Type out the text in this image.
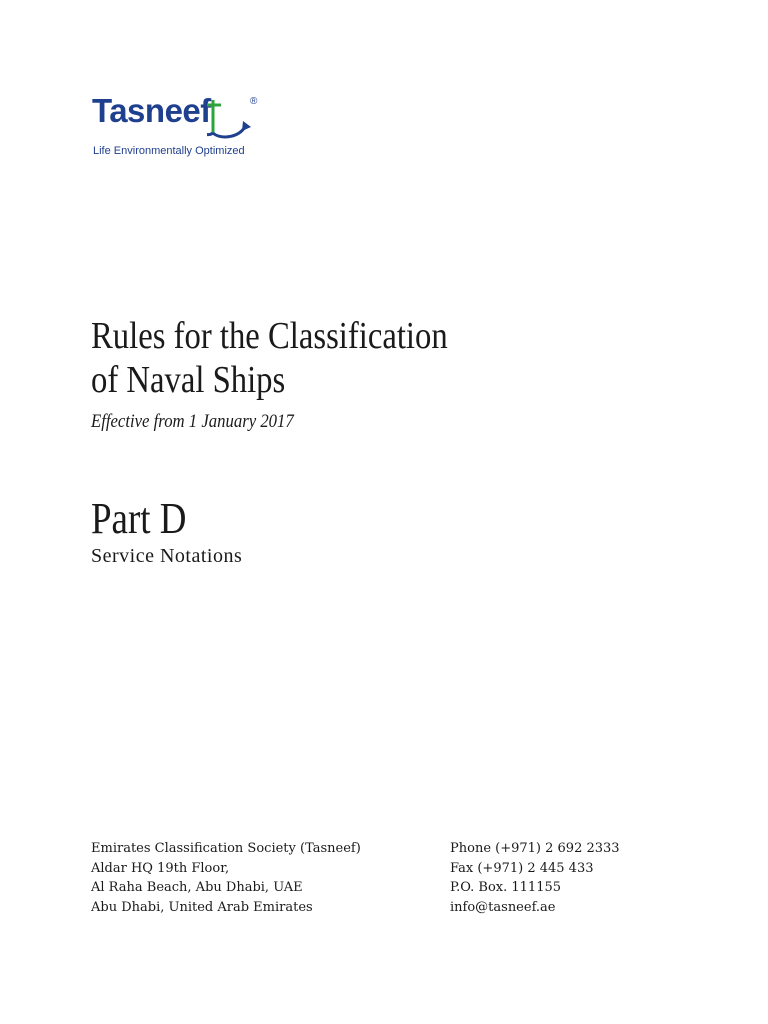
Tasneef	®
Life Environmentally Optimized
Rules for the Classification
of Naval Ships
Effective from 1 January 2017
Part D
Service Notations
Emirates Classification Society (Tasneef)
Aldar HQ 19th Floor,
Al Raha Beach, Abu Dhabi, UAE
Abu Dhabi, United Arab Emirates
Phone (+971) 2 692 2333
Fax (+971) 2 445 433
P.O. Box. 111155
info@tasneef.ae
